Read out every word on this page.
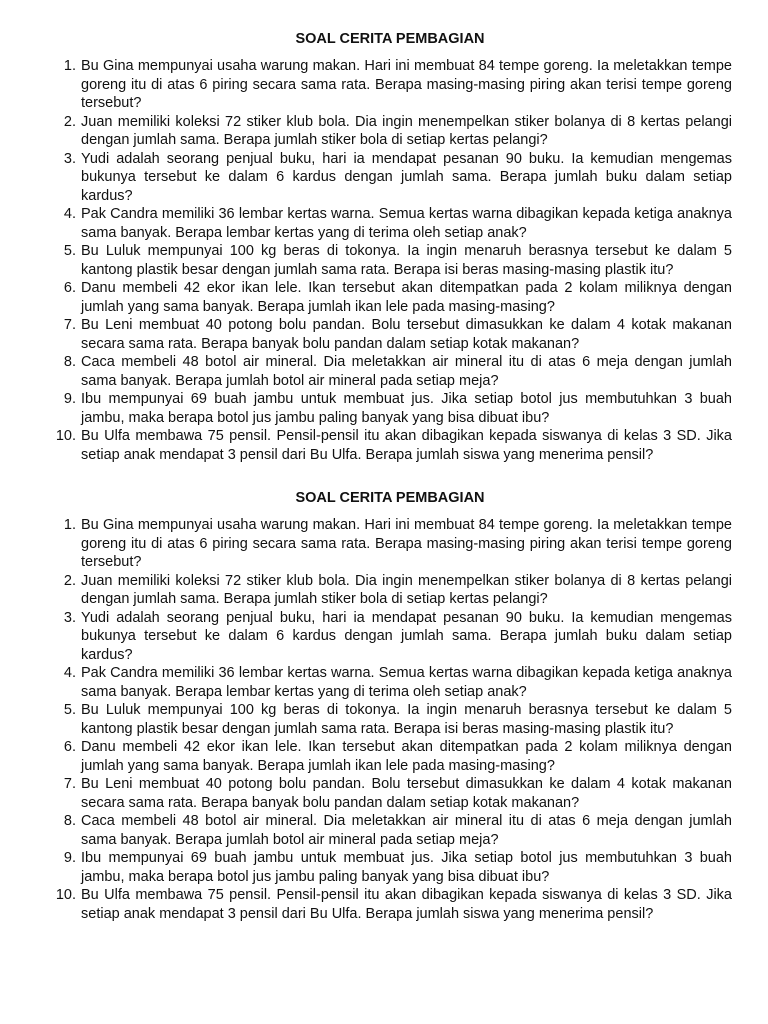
SOAL CERITA PEMBAGIAN
1. Bu Gina mempunyai usaha warung makan. Hari ini membuat 84 tempe goreng. Ia meletakkan tempe goreng itu di atas 6 piring secara sama rata. Berapa masing-masing piring akan terisi tempe goreng tersebut?
2. Juan memiliki koleksi 72 stiker klub bola. Dia ingin menempelkan stiker bolanya di 8 kertas pelangi dengan jumlah sama. Berapa jumlah stiker bola di setiap kertas pelangi?
3. Yudi adalah seorang penjual buku, hari ia mendapat pesanan 90 buku. Ia kemudian mengemas bukunya tersebut ke dalam 6 kardus dengan jumlah sama. Berapa jumlah buku dalam setiap kardus?
4. Pak Candra memiliki 36 lembar kertas warna. Semua kertas warna dibagikan kepada ketiga anaknya sama banyak. Berapa lembar kertas yang di terima oleh setiap anak?
5. Bu Luluk mempunyai 100 kg beras di tokonya. Ia ingin menaruh berasnya tersebut ke dalam 5 kantong plastik besar dengan jumlah sama rata. Berapa isi beras masing-masing plastik itu?
6. Danu membeli 42 ekor ikan lele. Ikan tersebut akan ditempatkan pada 2 kolam miliknya dengan jumlah yang sama banyak. Berapa jumlah ikan lele pada masing-masing?
7. Bu Leni membuat 40 potong bolu pandan. Bolu tersebut dimasukkan ke dalam 4 kotak makanan secara sama rata. Berapa banyak bolu pandan dalam setiap kotak makanan?
8. Caca membeli 48 botol air mineral. Dia meletakkan air mineral itu di atas 6 meja dengan jumlah sama banyak. Berapa jumlah botol air mineral pada setiap meja?
9. Ibu mempunyai 69 buah jambu untuk membuat jus. Jika setiap botol jus membutuhkan 3 buah jambu, maka berapa botol jus jambu paling banyak yang bisa dibuat ibu?
10. Bu Ulfa membawa 75 pensil. Pensil-pensil itu akan dibagikan kepada siswanya di kelas 3 SD. Jika setiap anak mendapat 3 pensil dari Bu Ulfa. Berapa jumlah siswa yang menerima pensil?
SOAL CERITA PEMBAGIAN
1. Bu Gina mempunyai usaha warung makan. Hari ini membuat 84 tempe goreng. Ia meletakkan tempe goreng itu di atas 6 piring secara sama rata. Berapa masing-masing piring akan terisi tempe goreng tersebut?
2. Juan memiliki koleksi 72 stiker klub bola. Dia ingin menempelkan stiker bolanya di 8 kertas pelangi dengan jumlah sama. Berapa jumlah stiker bola di setiap kertas pelangi?
3. Yudi adalah seorang penjual buku, hari ia mendapat pesanan 90 buku. Ia kemudian mengemas bukunya tersebut ke dalam 6 kardus dengan jumlah sama. Berapa jumlah buku dalam setiap kardus?
4. Pak Candra memiliki 36 lembar kertas warna. Semua kertas warna dibagikan kepada ketiga anaknya sama banyak. Berapa lembar kertas yang di terima oleh setiap anak?
5. Bu Luluk mempunyai 100 kg beras di tokonya. Ia ingin menaruh berasnya tersebut ke dalam 5 kantong plastik besar dengan jumlah sama rata. Berapa isi beras masing-masing plastik itu?
6. Danu membeli 42 ekor ikan lele. Ikan tersebut akan ditempatkan pada 2 kolam miliknya dengan jumlah yang sama banyak. Berapa jumlah ikan lele pada masing-masing?
7. Bu Leni membuat 40 potong bolu pandan. Bolu tersebut dimasukkan ke dalam 4 kotak makanan secara sama rata. Berapa banyak bolu pandan dalam setiap kotak makanan?
8. Caca membeli 48 botol air mineral. Dia meletakkan air mineral itu di atas 6 meja dengan jumlah sama banyak. Berapa jumlah botol air mineral pada setiap meja?
9. Ibu mempunyai 69 buah jambu untuk membuat jus. Jika setiap botol jus membutuhkan 3 buah jambu, maka berapa botol jus jambu paling banyak yang bisa dibuat ibu?
10. Bu Ulfa membawa 75 pensil. Pensil-pensil itu akan dibagikan kepada siswanya di kelas 3 SD. Jika setiap anak mendapat 3 pensil dari Bu Ulfa. Berapa jumlah siswa yang menerima pensil?
